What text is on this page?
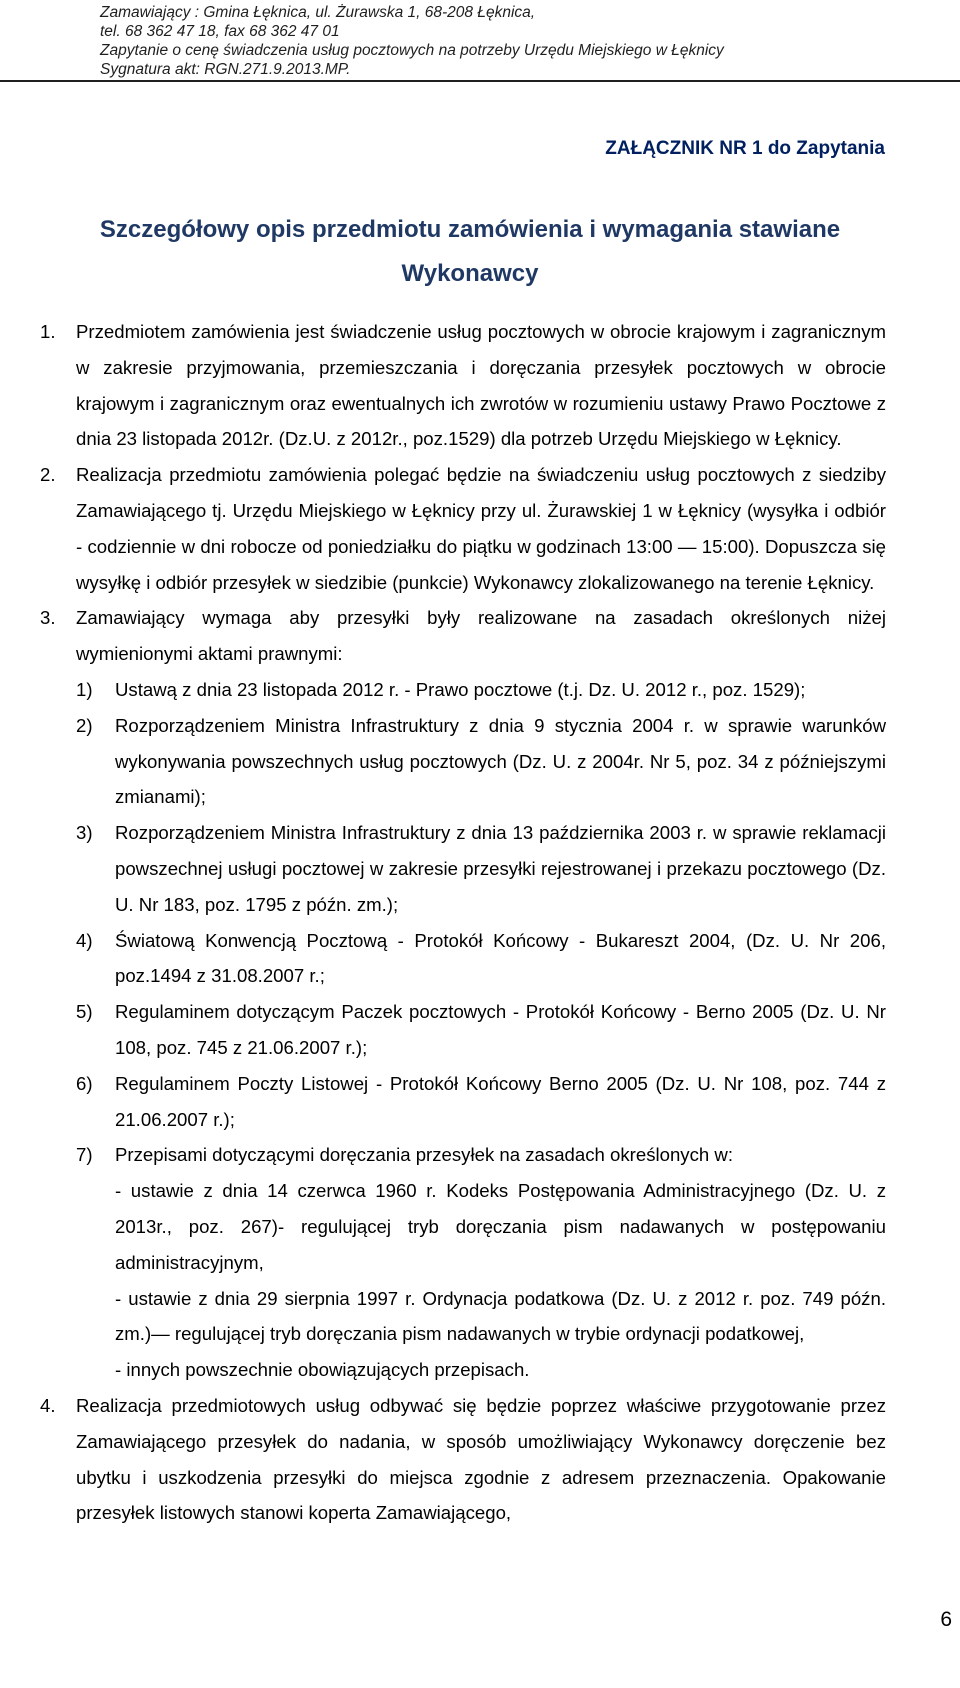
Zamawiający : Gmina Łęknica, ul. Żurawska 1, 68-208 Łęknica,

tel. 68 362 47 18, fax 68 362 47 01

Zapytanie o cenę świadczenia usług pocztowych na potrzeby Urzędu Miejskiego w Łęknicy

Sygnatura akt: RGN.271.9.2013.MP.

ZAŁĄCZNIK NR 1 do Zapytania

Szczegółowy opis przedmiotu zamówienia i wymagania stawiane Wykonawcy
1. Przedmiotem zamówienia jest świadczenie usług pocztowych w obrocie krajowym i zagranicznym w zakresie przyjmowania, przemieszczania i doręczania przesyłek pocztowych w obrocie krajowym i zagranicznym oraz ewentualnych ich zwrotów w rozumieniu ustawy Prawo Pocztowe z dnia 23 listopada 2012r. (Dz.U. z 2012r., poz.1529) dla potrzeb Urzędu Miejskiego w Łęknicy.

2. Realizacja przedmiotu zamówienia polegać będzie na świadczeniu usług pocztowych z siedziby Zamawiającego tj. Urzędu Miejskiego w Łęknicy przy ul. Żurawskiej 1 w Łęknicy (wysyłka i odbiór - codziennie w dni robocze od poniedziałku do piątku w godzinach 13:00 ― 15:00). Dopuszcza się wysyłkę i odbiór przesyłek w siedzibie (punkcie) Wykonawcy zlokalizowanego na terenie Łęknicy.

3. Zamawiający wymaga aby przesyłki były realizowane na zasadach określonych niżej wymienionymi aktami prawnymi:

1) Ustawą z dnia 23 listopada 2012 r. - Prawo pocztowe (t.j. Dz. U. 2012 r., poz. 1529);

2) Rozporządzeniem Ministra Infrastruktury z dnia 9 stycznia 2004 r. w sprawie warunków wykonywania powszechnych usług pocztowych (Dz. U. z 2004r. Nr 5, poz. 34 z późniejszymi zmianami);

3) Rozporządzeniem Ministra Infrastruktury z dnia 13 października 2003 r. w sprawie reklamacji powszechnej usługi pocztowej w zakresie przesyłki rejestrowanej i przekazu pocztowego (Dz. U. Nr 183, poz. 1795 z późn. zm.);

4) Światową Konwencją Pocztową - Protokół Końcowy - Bukareszt 2004, (Dz. U. Nr 206, poz.1494 z 31.08.2007 r.;

5) Regulaminem dotyczącym Paczek pocztowych - Protokół Końcowy - Berno 2005 (Dz. U. Nr 108, poz. 745 z 21.06.2007 r.);

6) Regulaminem Poczty Listowej - Protokół Końcowy Berno 2005 (Dz. U. Nr 108, poz. 744 z 21.06.2007 r.);

7) Przepisami dotyczącymi doręczania przesyłek na zasadach określonych w:

- ustawie z dnia 14 czerwca 1960 r. Kodeks Postępowania Administracyjnego (Dz. U. z 2013r., poz. 267)- regulującej tryb doręczania pism nadawanych w postępowaniu administracyjnym,

- ustawie z dnia 29 sierpnia 1997 r. Ordynacja podatkowa (Dz. U. z 2012 r. poz. 749 późn. zm.)― regulującej tryb doręczania pism nadawanych w trybie ordynacji podatkowej,

- innych powszechnie obowiązujących przepisach.

4. Realizacja przedmiotowych usług odbywać się będzie poprzez właściwe przygotowanie przez Zamawiającego przesyłek do nadania, w sposób umożliwiający Wykonawcy doręczenie bez ubytku i uszkodzenia przesyłki do miejsca zgodnie z adresem przeznaczenia. Opakowanie przesyłek listowych stanowi koperta Zamawiającego,

6
